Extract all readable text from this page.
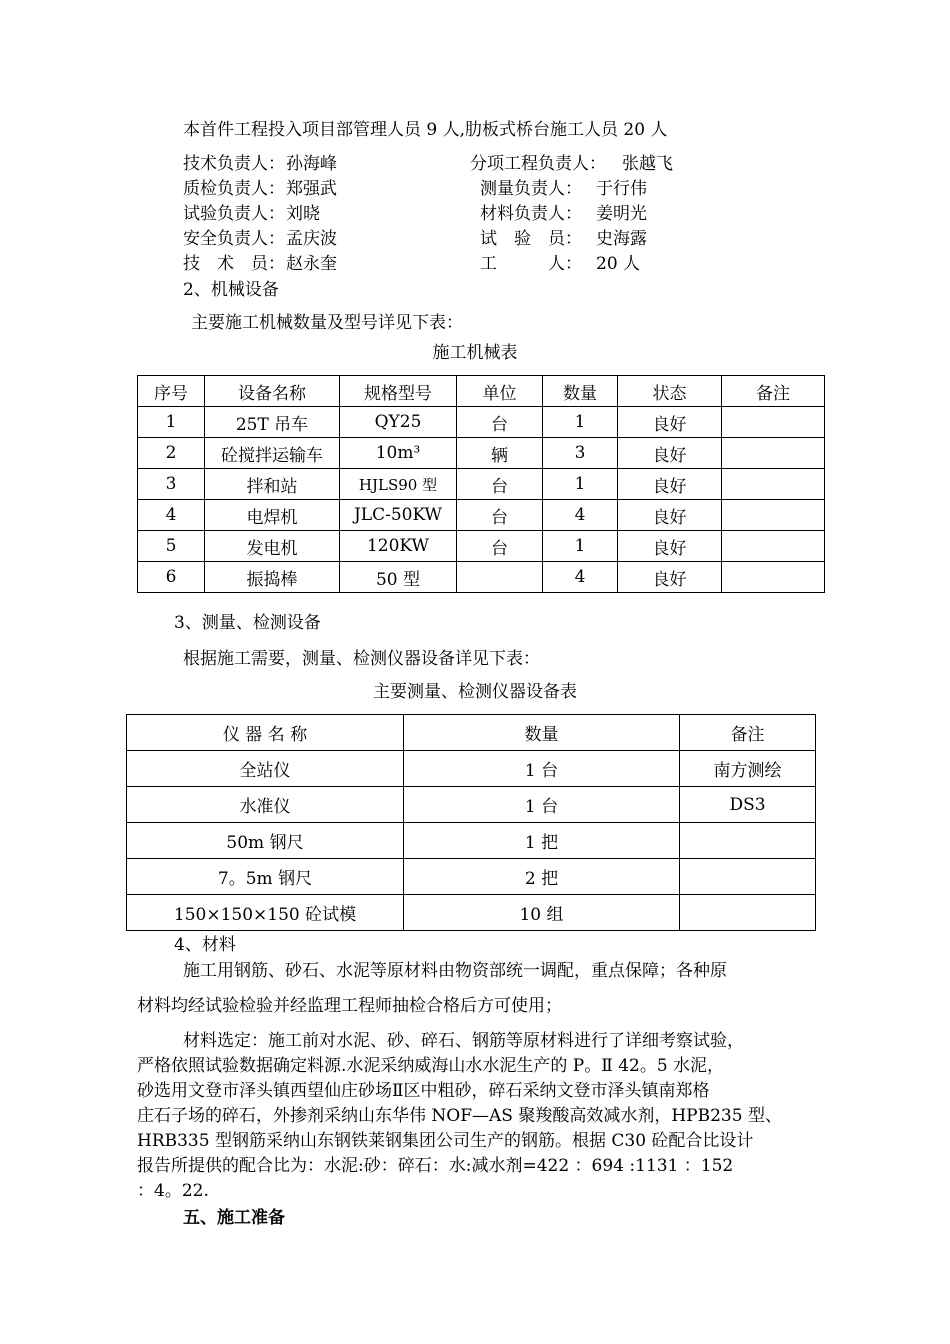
本首件工程投入项目部管理人员 9 人,肋板式桥台施工人员 20 人
技术负责人： 孙海峰	分项工程负责人： 张越飞
质检负责人： 郑强武	测量负责人： 于行伟
试验负责人： 刘晓	材料负责人： 姜明光
安全负责人： 孟庆波	试　验　员： 史海露
技　术　员： 赵永奎	工　　　人： 20 人
2、机械设备
主要施工机械数量及型号详见下表：
施工机械表
序号	设备名称	规格型号	单位	数量	状态	备注
1	25T 吊车	QY25	台	1	良好	
2	砼搅拌运输车	10m³	辆	3	良好	
3	拌和站	HJLS90 型	台	1	良好	
4	电焊机	JLC-50KW	台	4	良好	
5	发电机	120KW	台	1	良好	
6	振捣棒	50 型		4	良好	
3、测量、检测设备
根据施工需要，测量、检测仪器设备详见下表：
主要测量、检测仪器设备表
仪 器 名 称	数量	备注
全站仪	1 台	南方测绘
水准仪	1 台	DS3
50m 钢尺	1 把	
7。5m 钢尺	2 把	
150×150×150 砼试模	10 组	
4、材料
施工用钢筋、砂石、水泥等原材料由物资部统一调配，重点保障；各种原
材料均经试验检验并经监理工程师抽检合格后方可使用；
材料选定：施工前对水泥、砂、碎石、钢筋等原材料进行了详细考察试验，
严格依照试验数据确定料源.水泥采纳威海山水水泥生产的 P。Ⅱ 42。5 水泥，
砂选用文登市泽头镇西望仙庄砂场Ⅱ区中粗砂，碎石采纳文登市泽头镇南郑格
庄石子场的碎石，外掺剂采纳山东华伟 NOF—AS 聚羧酸高效减水剂，HPB235 型、
HRB335 型钢筋采纳山东钢铁莱钢集团公司生产的钢筋。根据 C30 砼配合比设计
报告所提供的配合比为：水泥:砂：碎石：水:减水剂=422 ：694 :1131 ：152
：4。22.
五、施工准备
